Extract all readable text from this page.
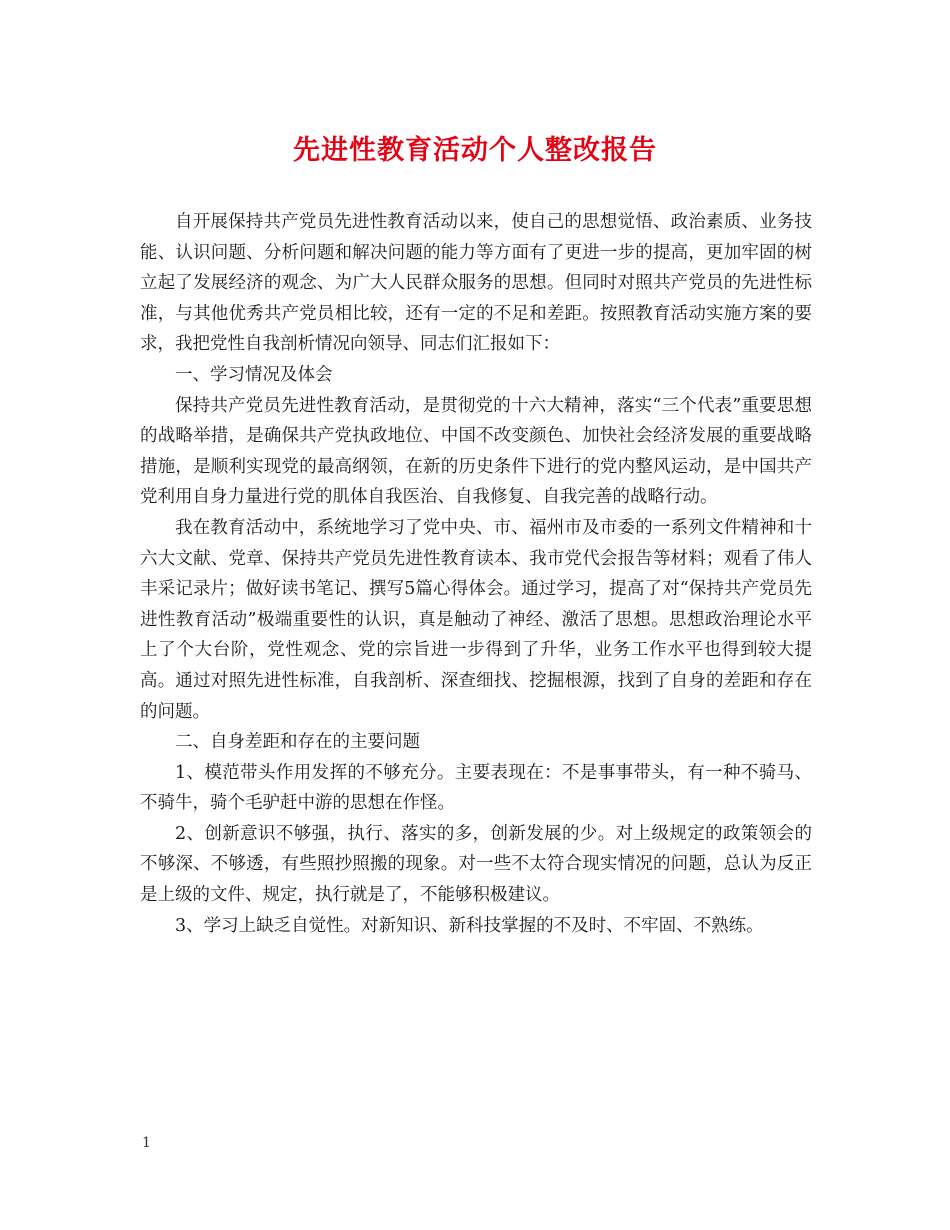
先进性教育活动个人整改报告

自开展保持共产党员先进性教育活动以来，使自己的思想觉悟、政治素质、业务技能、认识问题、分析问题和解决问题的能力等方面有了更进一步的提高，更加牢固的树立起了发展经济的观念、为广大人民群众服务的思想。但同时对照共产党员的先进性标准，与其他优秀共产党员相比较，还有一定的不足和差距。按照教育活动实施方案的要求，我把党性自我剖析情况向领导、同志们汇报如下：

一、学习情况及体会

保持共产党员先进性教育活动，是贯彻党的十六大精神，落实“三个代表”重要思想的战略举措，是确保共产党执政地位、中国不改变颜色、加快社会经济发展的重要战略措施，是顺利实现党的最高纲领，在新的历史条件下进行的党内整风运动，是中国共产党利用自身力量进行党的肌体自我医治、自我修复、自我完善的战略行动。

我在教育活动中，系统地学习了党中央、市、福州市及市委的一系列文件精神和十六大文献、党章、保持共产党员先进性教育读本、我市党代会报告等材料；观看了伟人丰采记录片；做好读书笔记、撰写5篇心得体会。通过学习，提高了对“保持共产党员先进性教育活动”极端重要性的认识，真是触动了神经、激活了思想。思想政治理论水平上了个大台阶，党性观念、党的宗旨进一步得到了升华，业务工作水平也得到较大提高。通过对照先进性标准，自我剖析、深查细找、挖掘根源，找到了自身的差距和存在的问题。

二、自身差距和存在的主要问题

1、模范带头作用发挥的不够充分。主要表现在：不是事事带头，有一种不骑马、不骑牛，骑个毛驴赶中游的思想在作怪。

2、创新意识不够强，执行、落实的多，创新发展的少。对上级规定的政策领会的不够深、不够透，有些照抄照搬的现象。对一些不太符合现实情况的问题，总认为反正是上级的文件、规定，执行就是了，不能够积极建议。

3、学习上缺乏自觉性。对新知识、新科技掌握的不及时、不牢固、不熟练。

1
